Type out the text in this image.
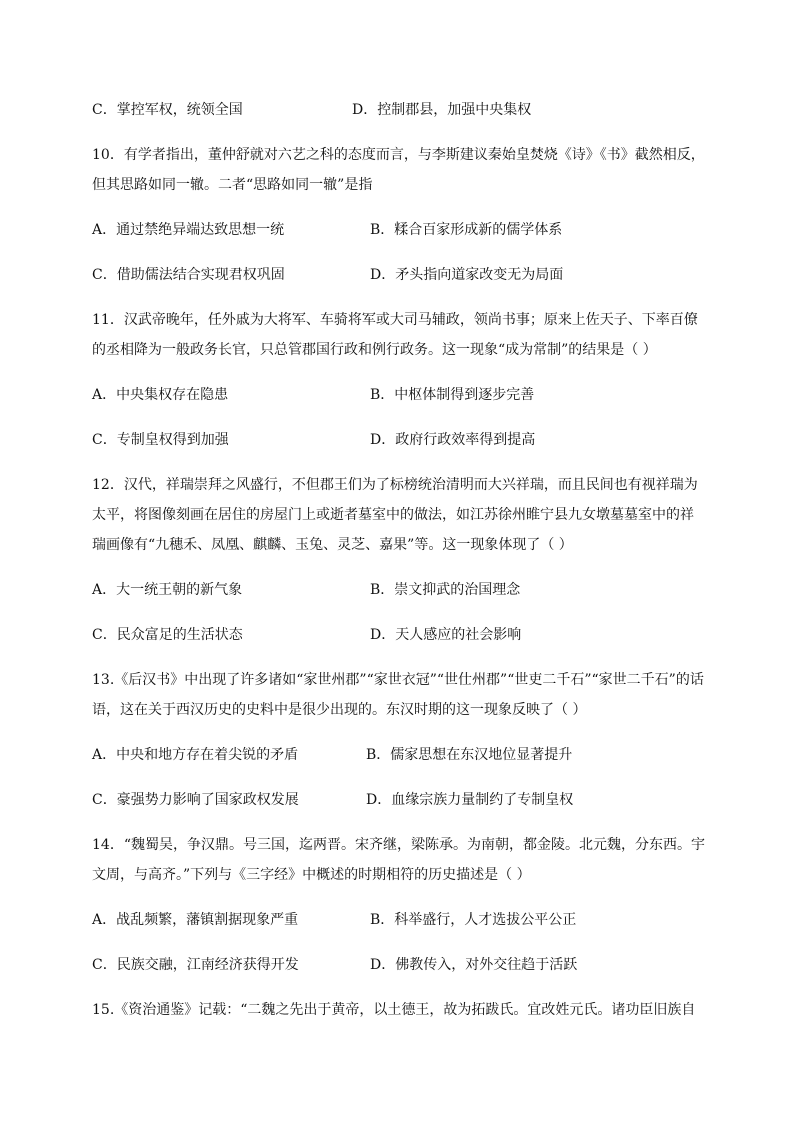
C．掌控军权，统领全国	D．控制郡县，加强中央集权
10．有学者指出，董仲舒就对六艺之科的态度而言，与李斯建议秦始皇焚烧《诗》《书》截然相反，
但其思路如同一辙。二者“思路如同一辙”是指
A．通过禁绝异端达致思想一统	B．糅合百家形成新的儒学体系
C．借助儒法结合实现君权巩固	D．矛头指向道家改变无为局面
11．汉武帝晚年，任外戚为大将军、车骑将军或大司马辅政，领尚书事；原来上佐天子、下率百僚
的丞相降为一般政务长官，只总管郡国行政和例行政务。这一现象“成为常制”的结果是（ ）
A．中央集权存在隐患	B．中枢体制得到逐步完善
C．专制皇权得到加强	D．政府行政效率得到提高
12．汉代，祥瑞崇拜之风盛行，不但郡王们为了标榜统治清明而大兴祥瑞，而且民间也有视祥瑞为
太平，将图像刻画在居住的房屋门上或逝者墓室中的做法，如江苏徐州睢宁县九女墩墓墓室中的祥
瑞画像有“九穗禾、凤凰、麒麟、玉兔、灵芝、嘉果”等。这一现象体现了（ ）
A．大一统王朝的新气象	B．崇文抑武的治国理念
C．民众富足的生活状态	D．天人感应的社会影响
13.《后汉书》中出现了许多诸如“家世州郡”“家世衣冠”“世仕州郡”“世吏二千石”“家世二千石”的话
语，这在关于西汉历史的史料中是很少出现的。东汉时期的这一现象反映了（ ）
A．中央和地方存在着尖锐的矛盾	B．儒家思想在东汉地位显著提升
C．豪强势力影响了国家政权发展	D．血缘宗族力量制约了专制皇权
14．“魏蜀吴，争汉鼎。号三国，迄两晋。宋齐继，梁陈承。为南朝，都金陵。北元魏，分东西。宇
文周，与高齐。”下列与《三字经》中概述的时期相符的历史描述是（ ）
A．战乱频繁，藩镇割据现象严重	B．科举盛行，人才选拔公平公正
C．民族交融，江南经济获得开发	D．佛教传入，对外交往趋于活跃
15.《资治通鉴》记载：“二魏之先出于黄帝，以土德王，故为拓跋氏。宜改姓元氏。诸功臣旧族自
